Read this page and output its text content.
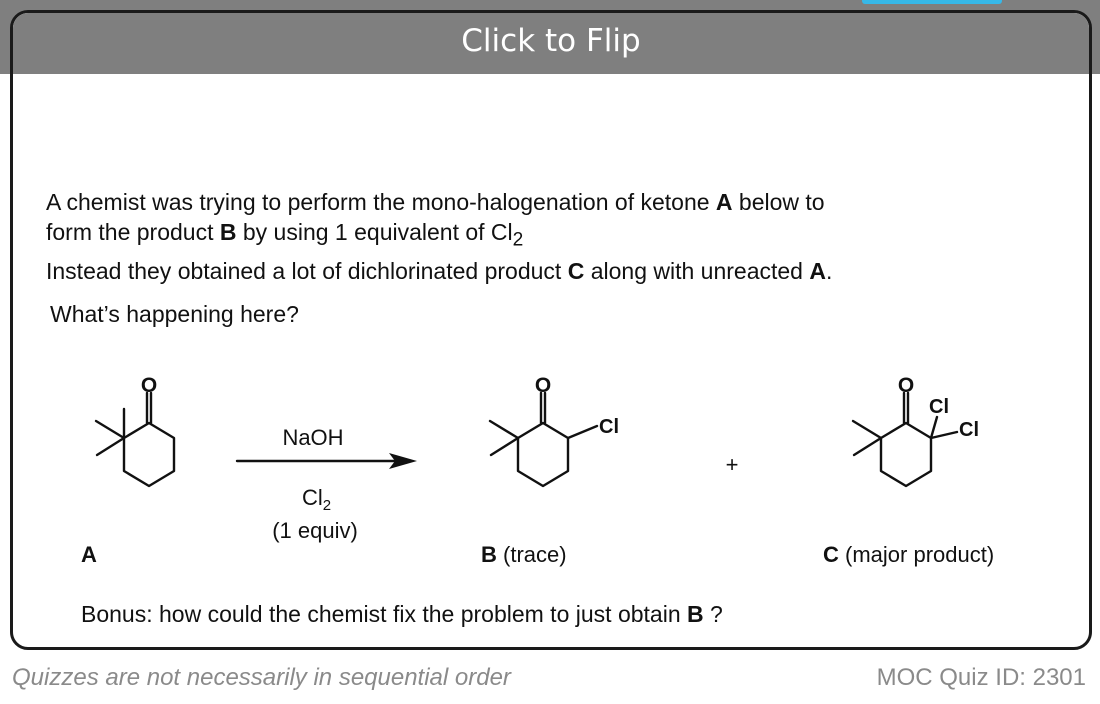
Click to Flip
A chemist was trying to perform the mono-halogenation of ketone A below to
form the product B by using 1 equivalent of $Cl_2$
Instead they obtained a lot of dichlorinated product C along with unreacted A.
What’s happening here?
O	O	O
Cl
Cl
Cl
NaOH
$Cl_2$
(1 equiv)
+
A	B (trace)	C (major product)
Bonus: how could the chemist fix the problem to just obtain B ?
Quizzes are not necessarily in sequential order	MOC Quiz ID: 2301
